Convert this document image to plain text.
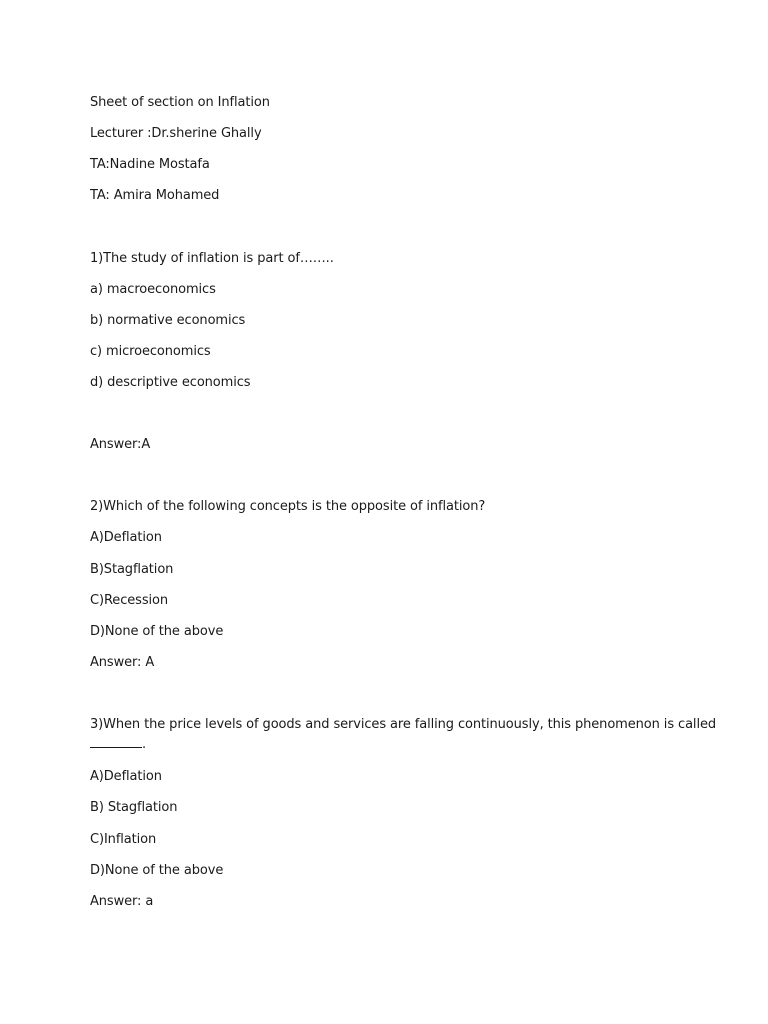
Sheet of section on Inflation
Lecturer :Dr.sherine Ghally
TA:Nadine Mostafa
TA: Amira Mohamed
1)The study of inflation is part of……..
a) macroeconomics
b) normative economics
c) microeconomics
d) descriptive economics
Answer:A
2)Which of the following concepts is the opposite of inflation?
A)Deflation
B)Stagflation
C)Recession
D)None of the above
Answer: A
3)When the price levels of goods and services are falling continuously, this phenomenon is called
.
A)Deflation
B) Stagflation
C)Inflation
D)None of the above
Answer: a
